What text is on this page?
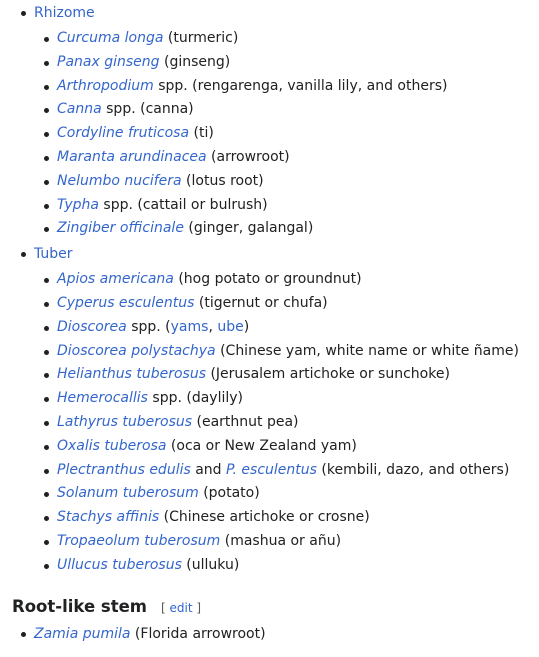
Rhizome
Curcuma longa (turmeric)
Panax ginseng (ginseng)
Arthropodium spp. (rengarenga, vanilla lily, and others)
Canna spp. (canna)
Cordyline fruticosa (ti)
Maranta arundinacea (arrowroot)
Nelumbo nucifera (lotus root)
Typha spp. (cattail or bulrush)
Zingiber officinale (ginger, galangal)
Tuber
Apios americana (hog potato or groundnut)
Cyperus esculentus (tigernut or chufa)
Dioscorea spp. (yams, ube)
Dioscorea polystachya (Chinese yam, white name or white ñame)
Helianthus tuberosus (Jerusalem artichoke or sunchoke)
Hemerocallis spp. (daylily)
Lathyrus tuberosus (earthnut pea)
Oxalis tuberosa (oca or New Zealand yam)
Plectranthus edulis and P. esculentus (kembili, dazo, and others)
Solanum tuberosum (potato)
Stachys affinis (Chinese artichoke or crosne)
Tropaeolum tuberosum (mashua or añu)
Ullucus tuberosus (ulluku)
Root-like stem [ edit ]
Zamia pumila (Florida arrowroot)
